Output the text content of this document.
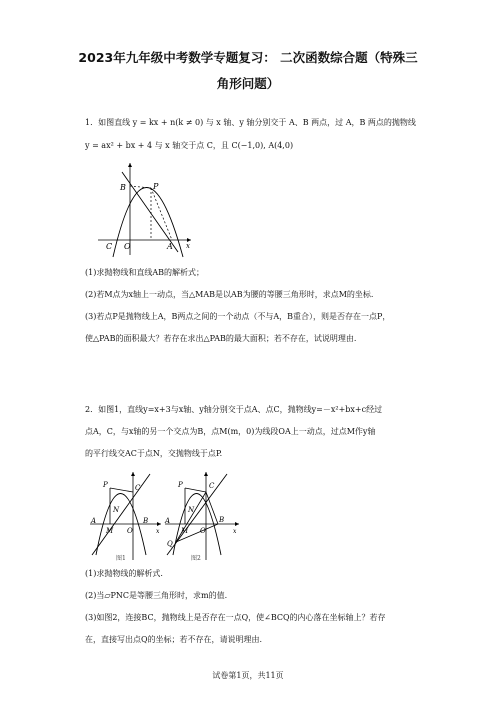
2023年九年级中考数学专题复习： 二次函数综合题（特殊三
角形问题）
1．如图直线 y = kx + n(k ≠ 0) 与 x 轴、y 轴分别交于 A、B 两点，过 A，B 两点的抛物线
y = ax² + bx + 4 与 x 轴交于点 C，且 C(−1,0), A(4,0)
B	P
C O	A x
(1)求抛物线和直线AB的解析式；
(2)若M点为x轴上一动点，当△MAB是以AB为腰的等腰三角形时，求点M的坐标.
(3)若点P是抛物线上A，B两点之间的一个动点（不与A，B重合），则是否存在一点P，
使△PAB的面积最大？若存在求出△PAB的最大面积；若不存在，试说明理由.
2．如图1，直线y=x+3与x轴、y轴分别交于点A、点C，抛物线y=－x²+bx+c经过
点A，C，与x轴的另一个交点为B，点M(m，0)为线段OA上一动点，过点M作y轴
的平行线交AC于点N，交抛物线于点P.
P	C
N
A
M O
B
x
图1
P	C
N
A
M O
B
Q
x
图2
(1)求抛物线的解析式.
(2)当▱PNC是等腰三角形时，求m的值.
(3)如图2，连接BC，抛物线上是否存在一点Q，使∠BCQ的内心落在坐标轴上？若存
在，直接写出点Q的坐标；若不存在，请说明理由.
试卷第1页，共11页
